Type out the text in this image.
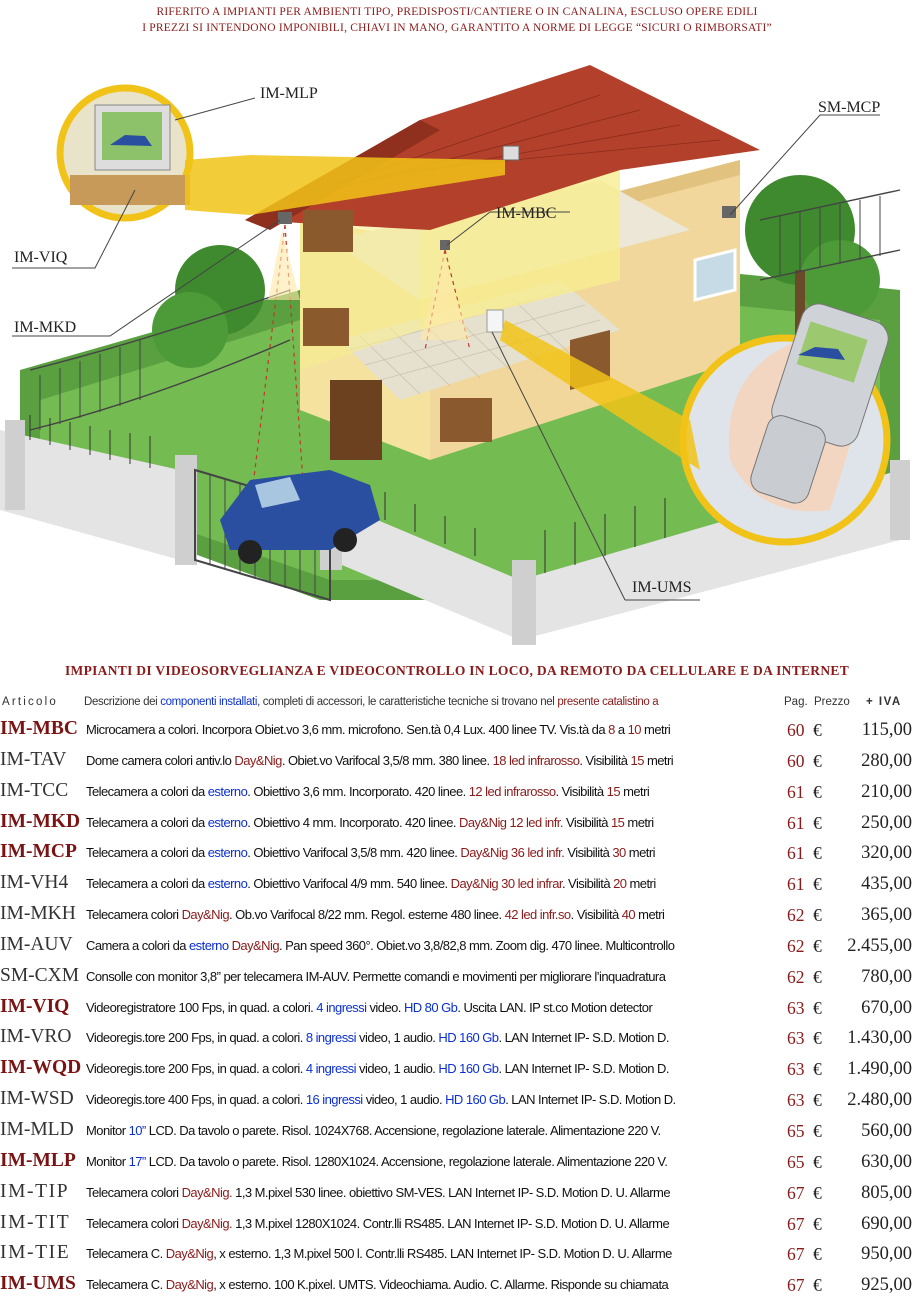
RIFERITO A IMPIANTI PER AMBIENTI TIPO, PREDISPOSTI/CANTIERE O IN CANALINA, ESCLUSO OPERE EDILI
I PREZZI SI INTENDONO IMPONIBILI, CHIAVI IN MANO, GARANTITO A NORME DI LEGGE “SICURI O RIMBORSATI”
IM-MLP
SM-MCP
IM-MBC
IM-VIQ
IM-MKD
IM-UMS
IMPIANTI DI VIDEOSORVEGLIANZA E VIDEOCONTROLLO IN LOCO, DA REMOTO DA CELLULARE E DA INTERNET
Articolo Descrizione dei componenti installati, completi di accessori, le caratteristiche tecniche si trovano nel presente catalistino a	Pag. Prezzo + IVA
IM-MBC Microcamera a colori. Incorpora Obiet.vo 3,6 mm. microfono. Sen.tà 0,4 Lux. 400 linee TV. Vis.tà da 8 a 10 metri	60 € 115,00
IM-TAV Dome camera colori antiv.lo Day&Nig. Obiet.vo Varifocal 3,5/8 mm. 380 linee. 18 led infrarosso. Visibilità 15 metri	60 € 280,00
IM-TCC Telecamera a colori da esterno. Obiettivo 3,6 mm. Incorporato. 420 linee. 12 led infrarosso. Visibilità 15 metri	61 € 210,00
IM-MKD Telecamera a colori da esterno. Obiettivo 4 mm. Incorporato. 420 linee. Day&Nig 12 led infr. Visibilità 15 metri	61 € 250,00
IM-MCP Telecamera a colori da esterno. Obiettivo Varifocal 3,5/8 mm. 420 linee. Day&Nig 36 led infr. Visibilità 30 metri	61 € 320,00
IM-VH4 Telecamera a colori da esterno. Obiettivo Varifocal 4/9 mm. 540 linee. Day&Nig 30 led infrar. Visibilità 20 metri	61 € 435,00
IM-MKH Telecamera colori Day&Nig. Ob.vo Varifocal 8/22 mm. Regol. esterne 480 linee. 42 led infr.so. Visibilità 40 metri	62 € 365,00
IM-AUV Camera a colori da esterno Day&Nig. Pan speed 360°. Obiet.vo 3,8/82,8 mm. Zoom dig. 470 linee. Multicontrollo	62 € 2.455,00
SM-CXM Consolle con monitor 3,8” per telecamera IM-AUV. Permette comandi e movimenti per migliorare l’inquadratura	62 € 780,00
IM-VIQ Videoregistratore 100 Fps, in quad. a colori. 4 ingressi video. HD 80 Gb. Uscita LAN. IP st.co Motion detector	63 € 670,00
IM-VRO Videoregis.tore 200 Fps, in quad. a colori. 8 ingressi video, 1 audio. HD 160 Gb. LAN Internet IP- S.D. Motion D.	63 € 1.430,00
IM-WQD Videoregis.tore 200 Fps, in quad. a colori. 4 ingressi video, 1 audio. HD 160 Gb. LAN Internet IP- S.D. Motion D.	63 € 1.490,00
IM-WSD Videoregis.tore 400 Fps, in quad. a colori. 16 ingressi video, 1 audio. HD 160 Gb. LAN Internet IP- S.D. Motion D.	63 € 2.480,00
IM-MLD Monitor 10” LCD. Da tavolo o parete. Risol. 1024X768. Accensione, regolazione laterale. Alimentazione 220 V.	65 € 560,00
IM-MLP Monitor 17” LCD. Da tavolo o parete. Risol. 1280X1024. Accensione, regolazione laterale. Alimentazione 220 V.	65 € 630,00
IM-TIP Telecamera colori Day&Nig. 1,3 M.pixel 530 linee. obiettivo SM-VES. LAN Internet IP- S.D. Motion D. U. Allarme	67 € 805,00
IM-TIT Telecamera colori Day&Nig. 1,3 M.pixel 1280X1024. Contr.lli RS485. LAN Internet IP- S.D. Motion D. U. Allarme	67 € 690,00
IM-TIE Telecamera C. Day&Nig, x esterno. 1,3 M.pixel 500 l. Contr.lli RS485. LAN Internet IP- S.D. Motion D. U. Allarme	67 € 950,00
IM-UMS Telecamera C. Day&Nig, x esterno. 100 K.pixel. UMTS. Videochiama. Audio. C. Allarme. Risponde su chiamata	67 € 925,00
